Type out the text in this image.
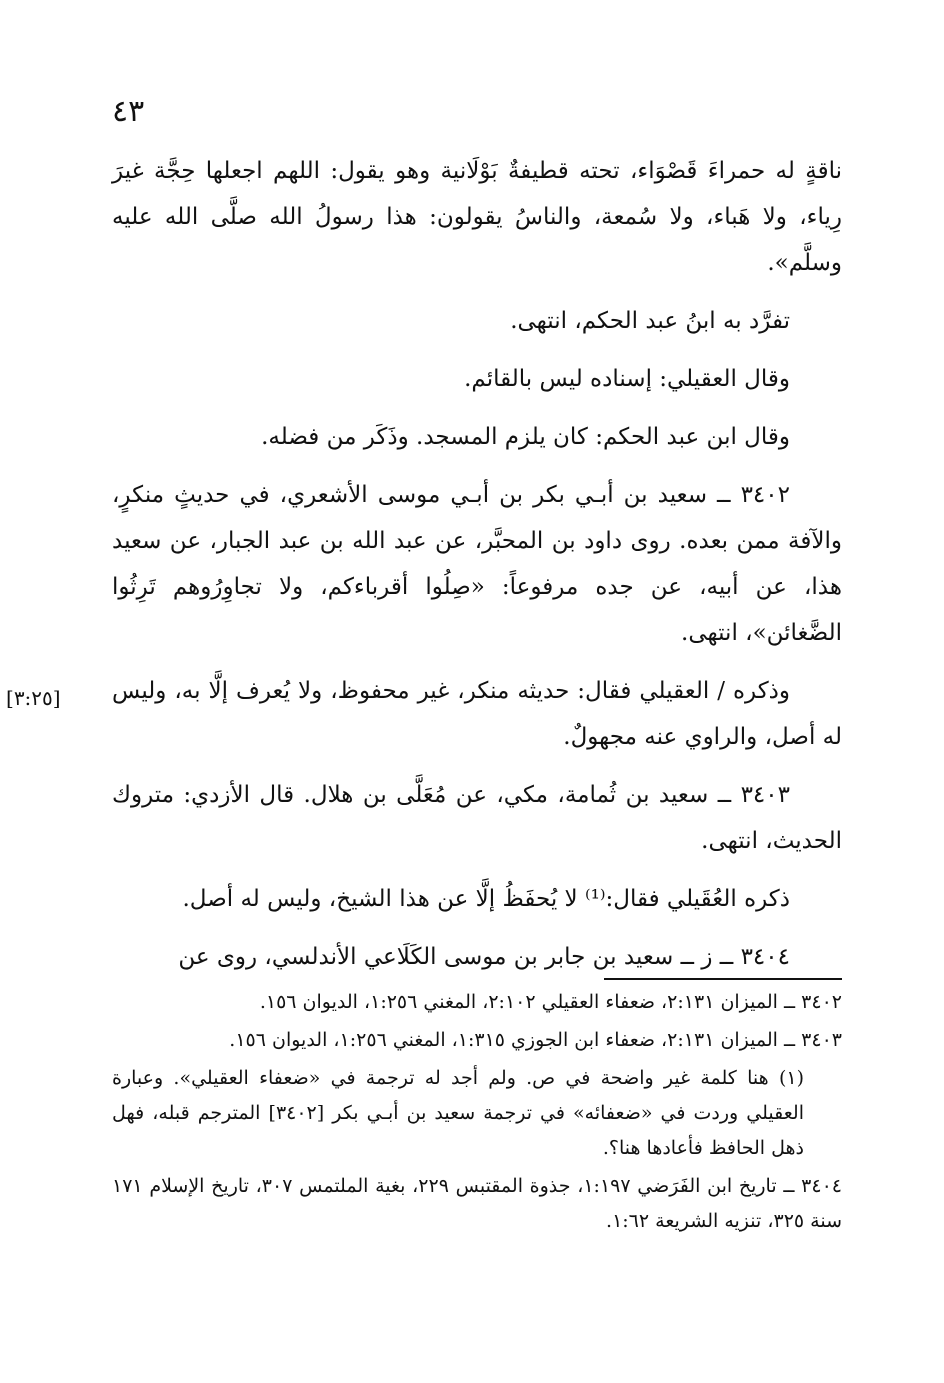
٤٣

ناقةٍ له حمراءَ قَصْوَاء، تحته قطيفةٌ بَوْلَانية وهو يقول: اللهم اجعلها حِجَّة غيرَ رِياء، ولا هَباء، ولا سُمعة، والناسُ يقولون: هذا رسولُ الله صلَّى الله عليه وسلَّم».

تفرَّد به ابنُ عبد الحكم، انتهى.

وقال العقيلي: إسناده ليس بالقائم.

وقال ابن عبد الحكم: كان يلزم المسجد. وذَكَر من فضله.

٣٤٠٢ ــ سعيد بن أبـي بكر بن أبـي موسى الأشعري، في حديثٍ منكرٍ، والآفة ممن بعده. روى داود بن المحبَّر، عن عبد الله بن عبد الجبار، عن سعيد هذا، عن أبيه، عن جده مرفوعاً: «صِلُوا أقرباءكم، ولا تجاوِرُوهم تَرِثُوا الضَّغائن»، انتهى.

وذكره / العقيلي فقال: حديثه منكر، غير محفوظ، ولا يُعرف إلَّا به، وليس له أصل، والراوي عنه مجهولٌ.

٣٤٠٣ ــ سعيد بن ثُمامة، مكي، عن مُعَلَّى بن هلال. قال الأزدي: متروك الحديث، انتهى.

ذكره العُقَيلي فقال:⁽¹⁾ لا يُحفَظُ إلَّا عن هذا الشيخ، وليس له أصل.

٣٤٠٤ ــ ز ــ سعيد بن جابر بن موسى الكَلَاعي الأندلسي، روى عن

[٣:٢٥]

٣٤٠٢ ــ الميزان ٢:١٣١، ضعفاء العقيلي ٢:١٠٢، المغني ١:٢٥٦، الديوان ١٥٦.

٣٤٠٣ ــ الميزان ٢:١٣١، ضعفاء ابن الجوزي ١:٣١٥، المغني ١:٢٥٦، الديوان ١٥٦.

(١) هنا كلمة غير واضحة في ص. ولم أجد له ترجمة في «ضعفاء العقيلي». وعبارة العقيلي وردت في «ضعفائه» في ترجمة سعيد بن أبـي بكر [٣٤٠٢] المترجم قبله، فهل ذهل الحافظ فأعادها هنا؟.

٣٤٠٤ ــ تاريخ ابن الفَرَضي ١:١٩٧، جذوة المقتبس ٢٢٩، بغية الملتمس ٣٠٧، تاريخ الإسلام ١٧١ سنة ٣٢٥، تنزيه الشريعة ١:٦٢.
